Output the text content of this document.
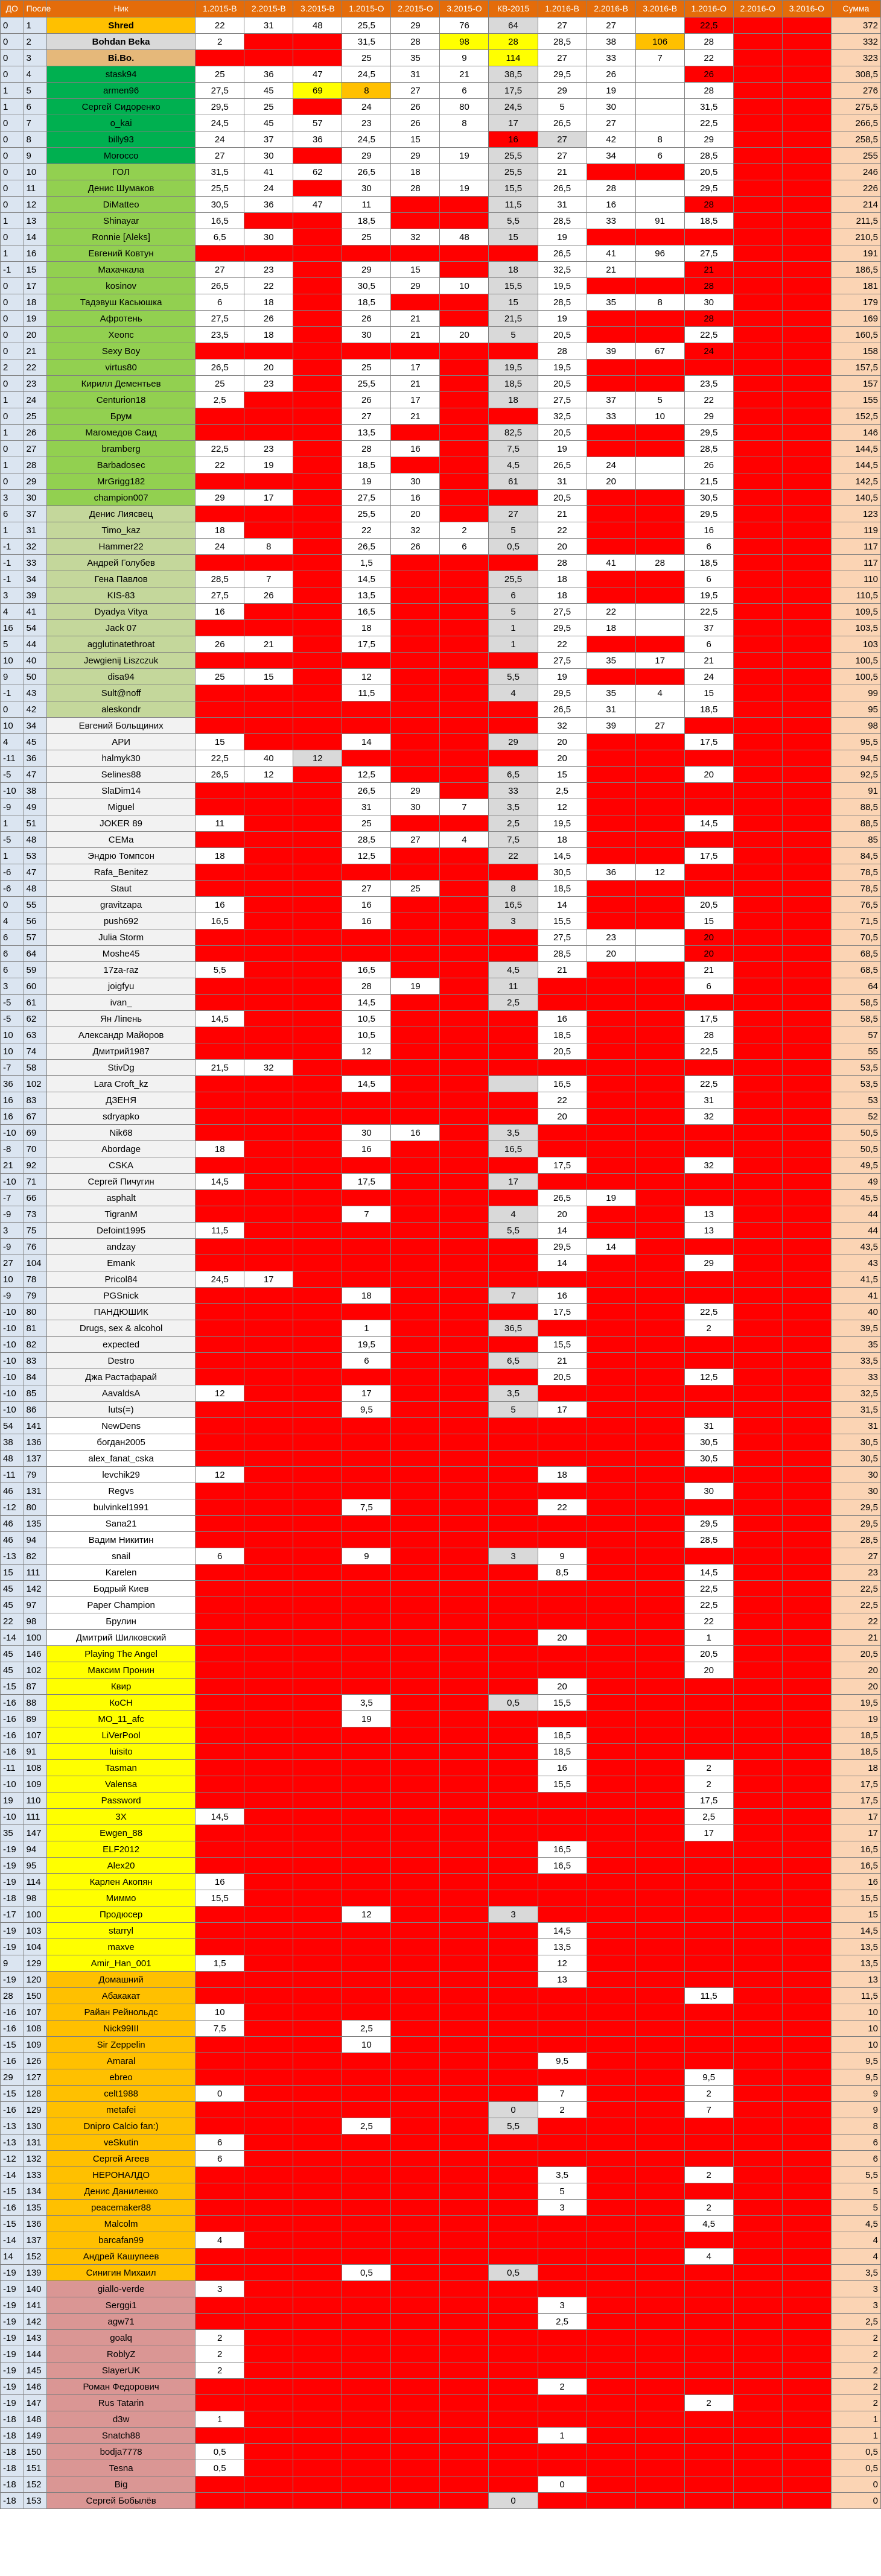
ДО	После	Ник	1.2015-В	2.2015-В	3.2015-В	1.2015-О	2.2015-О	3.2015-О	КВ-2015	1.2016-В	2.2016-В	3.2016-В	1.2016-О	2.2016-О	3.2016-О	Сумма
0	1	Shred	22	31	48	25,5	29	76	64	27	27		22,5			372
0	2	Bohdan Beka	2			31,5	28	98	28	28,5	38	106	28			332
0	3	Bi.Bo.				25	35	9	114	27	33	7	22			323
0	4	stask94	25	36	47	24,5	31	21	38,5	29,5	26		26			308,5
1	5	armen96	27,5	45	69	8	27	6	17,5	29	19		28			276
1	6	Сергей Сидоренко	29,5	25		24	26	80	24,5	5	30		31,5			275,5
0	7	o_kai	24,5	45	57	23	26	8	17	26,5	27		22,5			266,5
0	8	billy93	24	37	36	24,5	15		16	27	42	8	29			258,5
0	9	Morocco	27	30		29	29	19	25,5	27	34	6	28,5			255
0	10	ГОЛ	31,5	41	62	26,5	18		25,5	21			20,5			246
0	11	Денис Шумаков	25,5	24		30	28	19	15,5	26,5	28		29,5			226
0	12	DiMatteo	30,5	36	47	11			11,5	31	16		28			214
1	13	Shinayar	16,5			18,5			5,5	28,5	33	91	18,5			211,5
0	14	Ronnie [Aleks]	6,5	30		25	32	48	15	19						210,5
1	16	Евгений Ковтун								26,5	41	96	27,5			191
-1	15	Махачкала	27	23		29	15		18	32,5	21		21			186,5
0	17	kosinov	26,5	22		30,5	29	10	15,5	19,5			28			181
0	18	Тадэвуш Касьюшка	6	18		18,5			15	28,5	35	8	30			179
0	19	Афротень	27,5	26		26	21		21,5	19			28			169
0	20	Хеопс	23,5	18		30	21	20	5	20,5			22,5			160,5
0	21	Sexy Boy								28	39	67	24			158
2	22	virtus80	26,5	20		25	17		19,5	19,5						157,5
0	23	Кирилл Дементьев	25	23		25,5	21		18,5	20,5			23,5			157
1	24	Centurion18	2,5			26	17		18	27,5	37	5	22			155
0	25	Брум				27	21			32,5	33	10	29			152,5
1	26	Магомедов Саид				13,5			82,5	20,5			29,5			146
0	27	bramberg	22,5	23		28	16		7,5	19			28,5			144,5
1	28	Barbadosec	22	19		18,5			4,5	26,5	24		26			144,5
0	29	MrGrigg182				19	30		61	31	20		21,5			142,5
3	30	champion007	29	17		27,5	16			20,5			30,5			140,5
6	37	Денис Лиясвец				25,5	20		27	21			29,5			123
1	31	Timo_kaz	18			22	32	2	5	22			16			119
-1	32	Hammer22	24	8		26,5	26	6	0,5	20			6			117
-1	33	Андрей Голубев				1,5				28	41	28	18,5			117
-1	34	Гена Павлов	28,5	7		14,5			25,5	18			6			110
3	39	KIS-83	27,5	26		13,5			6	18			19,5			110,5
4	41	Dyadya Vitya	16			16,5			5	27,5	22		22,5			109,5
16	54	Jack 07				18			1	29,5	18		37			103,5
5	44	agglutinatethroat	26	21		17,5			1	22			6			103
10	40	Jewgienij Liszczuk								27,5	35	17	21			100,5
9	50	disa94	25	15		12			5,5	19			24			100,5
-1	43	Sult@noff				11,5			4	29,5	35	4	15			99
0	42	aleskondr								26,5	31		18,5			95
10	34	Евгений Больщиних								32	39	27				98
4	45	АРИ	15			14			29	20			17,5			95,5
-11	36	halmyk30	22,5	40	12					20						94,5
-5	47	Selines88	26,5	12		12,5			6,5	15			20			92,5
-10	38	SlaDim14				26,5	29		33	2,5						91
-9	49	Miguel				31	30	7	3,5	12						88,5
1	51	JOKER 89	11			25			2,5	19,5			14,5			88,5
-5	48	CEMa				28,5	27	4	7,5	18						85
1	53	Эндрю Томпсон	18			12,5			22	14,5			17,5			84,5
-6	47	Rafa_Benitez								30,5	36	12				78,5
-6	48	Staut				27	25		8	18,5						78,5
0	55	gravitzapa	16			16			16,5	14			20,5			76,5
4	56	push692	16,5			16			3	15,5			15			71,5
6	57	Julia Storm								27,5	23		20			70,5
6	64	Moshe45								28,5	20		20			68,5
6	59	17za-raz	5,5			16,5			4,5	21			21			68,5
3	60	joigfyu				28	19		11				6			64
-5	61	ivan_				14,5			2,5							58,5
-5	62	Ян Лiпень	14,5			10,5				16			17,5			58,5
10	63	Александр Майоров				10,5				18,5			28			57
10	74	Дмитрий1987				12				20,5			22,5			55
-7	58	StivDg	21,5	32												53,5
36	102	Lara Croft_kz				14,5				16,5			22,5			53,5
16	83	ДЗЕНЯ								22			31			53
16	67	sdryapko								20			32			52
-10	69	Nik68				30	16		3,5							50,5
-8	70	Abordage	18			16			16,5							50,5
21	92	CSKA								17,5			32			49,5
-10	71	Сергей Пичугин	14,5			17,5			17							49
-7	66	asphalt								26,5	19					45,5
-9	73	TigranM				7			4	20			13			44
3	75	Defoint1995	11,5						5,5	14			13			44
-9	76	andzay								29,5	14					43,5
27	104	Emank								14			29			43
10	78	Pricol84	24,5	17												41,5
-9	79	PGSnick				18			7	16						41
-10	80	ПАНДЮШИК								17,5			22,5			40
-10	81	Drugs, sex & alcohol				1			36,5				2			39,5
-10	82	expected				19,5				15,5						35
-10	83	Destro				6			6,5	21						33,5
-10	84	Джа Растафарай								20,5			12,5			33
-10	85	AavaldsA	12			17			3,5							32,5
-10	86	luts(=)				9,5			5	17						31,5
54	141	NewDens											31			31
38	136	богдан2005											30,5			30,5
48	137	alex_fanat_cska											30,5			30,5
-11	79	levchik29	12							18						30
46	131	Regvs											30			30
-12	80	bulvinkel1991				7,5				22						29,5
46	135	Sana21											29,5			29,5
46	94	Вадим Никитин											28,5			28,5
-13	82	snail	6			9			3	9						27
15	111	Karelen								8,5			14,5			23
45	142	Бодрый Киев											22,5			22,5
45	97	Paper Champion											22,5			22,5
22	98	Брулин											22			22
-14	100	Дмитрий Шилковский								20			1			21
45	146	Playing The Angel											20,5			20,5
45	102	Максим Пронин											20			20
-15	87	Квир								20						20
-16	88	КоСН				3,5			0,5	15,5						19,5
-16	89	MO_11_afc				19										19
-16	107	LiVerPool								18,5						18,5
-16	91	luisito								18,5						18,5
-11	108	Tasman								16			2			18
-10	109	Valensa								15,5			2			17,5
19	110	Password											17,5			17,5
-10	111	3X	14,5										2,5			17
35	147	Ewgen_88											17			17
-19	94	ELF2012								16,5						16,5
-19	95	Alex20								16,5						16,5
-19	114	Карлен Акопян	16													16
-18	98	Миммо	15,5													15,5
-17	100	Продюсер				12			3							15
-19	103	starryl								14,5						14,5
-19	104	maxve								13,5						13,5
9	129	Amir_Han_001	1,5							12						13,5
-19	120	Домашний								13						13
28	150	Абакакат											11,5			11,5
-16	107	Райан Рейнольдс	10													10
-16	108	Nick99III	7,5			2,5										10
-15	109	Sir Zeppelin				10										10
-16	126	Amaral								9,5						9,5
29	127	ebreo											9,5			9,5
-15	128	celt1988	0							7			2			9
-16	129	metafei							0	2			7			9
-13	130	Dnipro Calcio fan:)				2,5			5,5							8
-13	131	veSkutin	6													6
-12	132	Сергей Агеев	6													6
-14	133	НЕРОНАЛДО								3,5			2			5,5
-15	134	Денис Даниленко								5						5
-16	135	peacemaker88								3			2			5
-15	136	Malcolm											4,5			4,5
-14	137	barcafan99	4													4
14	152	Андрей Кашупеев											4			4
-19	139	Синигин Михаил				0,5			0,5							3,5
-19	140	giallo-verde	3													3
-19	141	Serggi1								3						3
-19	142	agw71								2,5						2,5
-19	143	goalq	2													2
-19	144	RoblyZ	2													2
-19	145	SlayerUK	2													2
-19	146	Роман Федорович								2						2
-19	147	Rus Tatarin											2			2
-18	148	d3w	1													1
-18	149	Snatch88								1						1
-18	150	bodja7778	0,5													0,5
-18	151	Tesna	0,5													0,5
-18	152	Big								0						0
-18	153	Сергей Бобылёв							0							0
